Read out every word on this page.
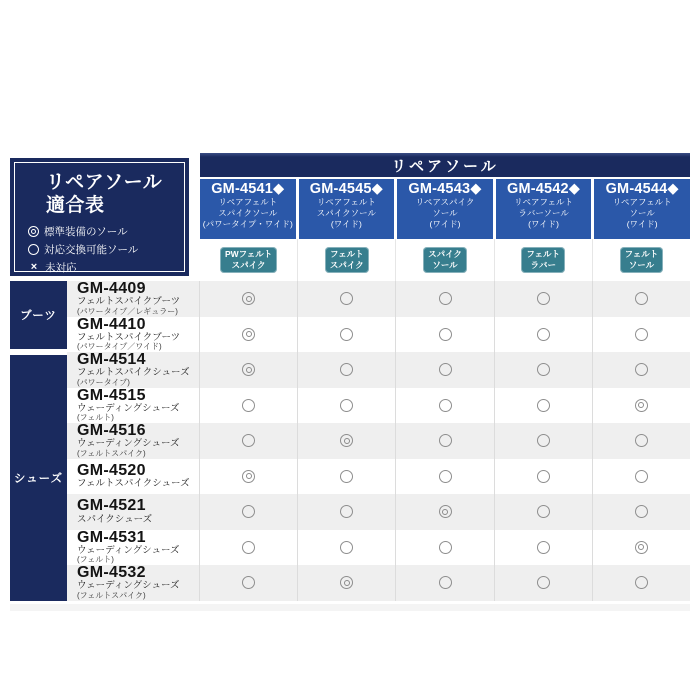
リペアソール
適合表
標準装備のソール
対応交換可能ソール
× 未対応
リペアソール
GM-4541◆
リペアフェルト
スパイクソール
(パワータイプ・ワイド)
GM-4545◆
リペアフェルト
スパイクソール
(ワイド)
GM-4543◆
リペアスパイク
ソール
(ワイド)
GM-4542◆
リペアフェルト
ラバーソール
(ワイド)
GM-4544◆
リペアフェルト
ソール
(ワイド)
PWフェルト
スパイク
フェルト
スパイク
スパイク
ソール
フェルト
ラバー
フェルト
ソール
GM-4409
フェルトスパイクブーツ
(パワータイプ／レギュラー)
GM-4410
フェルトスパイクブーツ
(パワータイプ／ワイド)
GM-4514
フェルトスパイクシューズ
(パワータイプ)
GM-4515
ウェーディングシューズ
(フェルト)
GM-4516
ウェーディングシューズ
(フェルトスパイク)
GM-4520
フェルトスパイクシューズ
GM-4521
スパイクシューズ
GM-4531
ウェーディングシューズ
(フェルト)
GM-4532
ウェーディングシューズ
(フェルトスパイク)
ブーツ
シューズ
